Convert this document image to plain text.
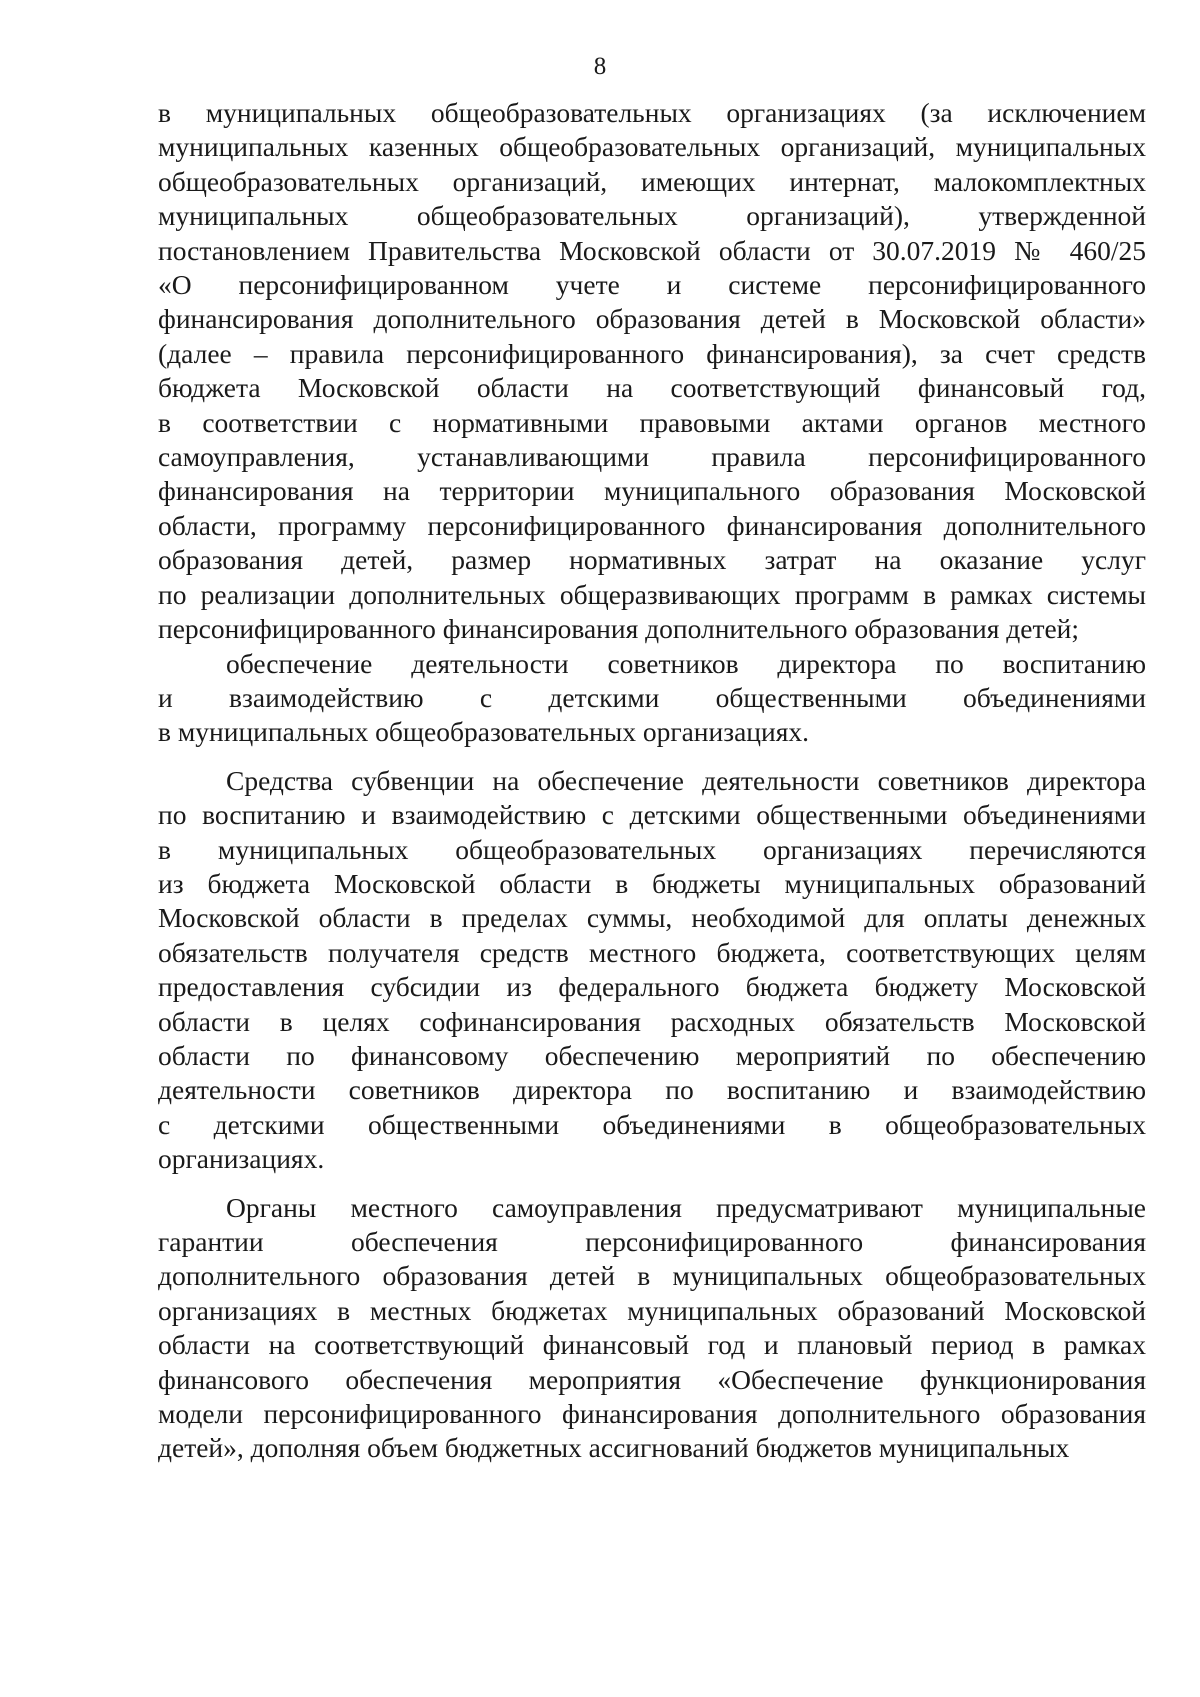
8
в муниципальных общеобразовательных организациях (за исключением
муниципальных казенных общеобразовательных организаций, муниципальных
общеобразовательных организаций, имеющих интернат, малокомплектных
муниципальных общеобразовательных организаций), утвержденной
постановлением Правительства Московской области от 30.07.2019 № 460/25
«О персонифицированном учете и системе персонифицированного
финансирования дополнительного образования детей в Московской области»
(далее – правила персонифицированного финансирования), за счет средств
бюджета Московской области на соответствующий финансовый год,
в соответствии с нормативными правовыми актами органов местного
самоуправления, устанавливающими правила персонифицированного
финансирования на территории муниципального образования Московской
области, программу персонифицированного финансирования дополнительного
образования детей, размер нормативных затрат на оказание услуг
по реализации дополнительных общеразвивающих программ в рамках системы
персонифицированного финансирования дополнительного образования детей;
обеспечение деятельности советников директора по воспитанию
и взаимодействию с детскими общественными объединениями
в муниципальных общеобразовательных организациях.
Средства субвенции на обеспечение деятельности советников директора
по воспитанию и взаимодействию с детскими общественными объединениями
в муниципальных общеобразовательных организациях перечисляются
из бюджета Московской области в бюджеты муниципальных образований
Московской области в пределах суммы, необходимой для оплаты денежных
обязательств получателя средств местного бюджета, соответствующих целям
предоставления субсидии из федерального бюджета бюджету Московской
области в целях софинансирования расходных обязательств Московской
области по финансовому обеспечению мероприятий по обеспечению
деятельности советников директора по воспитанию и взаимодействию
с детскими общественными объединениями в общеобразовательных
организациях.
Органы местного самоуправления предусматривают муниципальные
гарантии обеспечения персонифицированного финансирования
дополнительного образования детей в муниципальных общеобразовательных
организациях в местных бюджетах муниципальных образований Московской
области на соответствующий финансовый год и плановый период в рамках
финансового обеспечения мероприятия «Обеспечение функционирования
модели персонифицированного финансирования дополнительного образования
детей», дополняя объем бюджетных ассигнований бюджетов муниципальных
